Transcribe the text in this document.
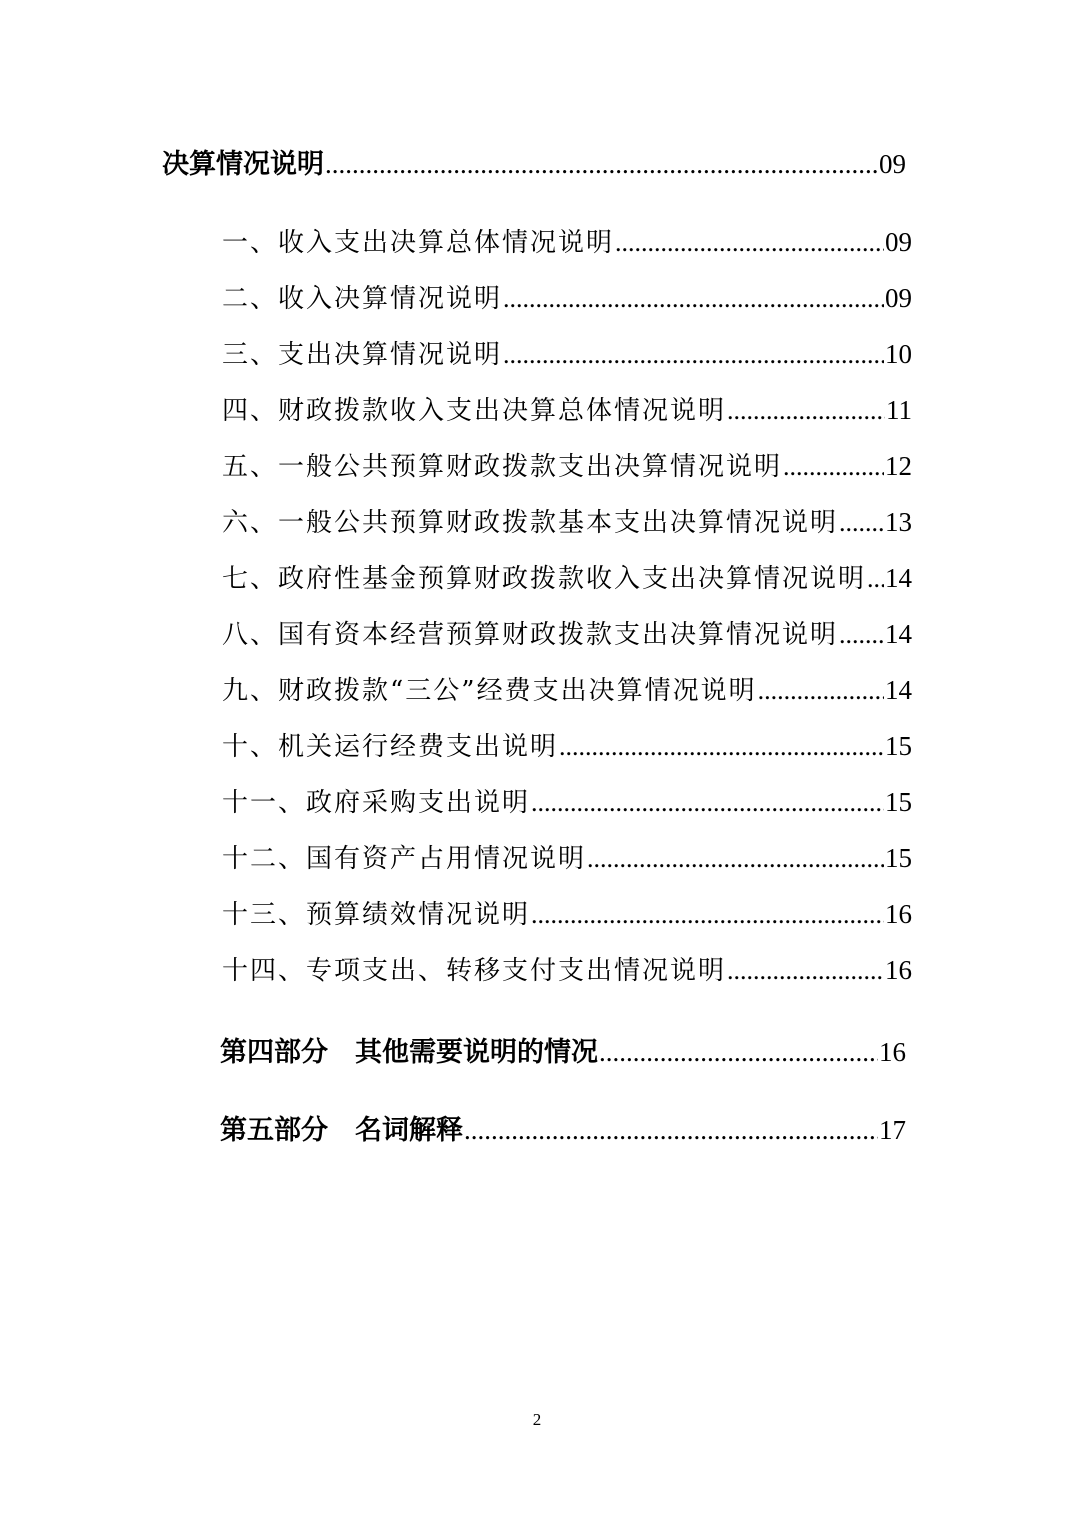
决算情况说明 .....	09
一、收入支出决算总体情况说明 .....	09
二、收入决算情况说明 .....	09
三、支出决算情况说明 .....	10
四、财政拨款收入支出决算总体情况说明 .....	11
五、一般公共预算财政拨款支出决算情况说明 .....	12
六、一般公共预算财政拨款基本支出决算情况说明 ..... 13
七、政府性基金预算财政拨款收入支出决算情况说明 ..... 14
八、国有资本经营预算财政拨款支出决算情况说明 ..... 14
九、财政拨款“三公”经费支出决算情况说明 .....	14
十、机关运行经费支出说明 .....	15
十一、政府采购支出说明 .....	15
十二、国有资产占用情况说明 .....	15
十三、预算绩效情况说明 .....	16
十四、专项支出、转移支付支出情况说明 .....	16
第四部分　其他需要说明的情况 .....	16
第五部分　名词解释 .....	17
2
